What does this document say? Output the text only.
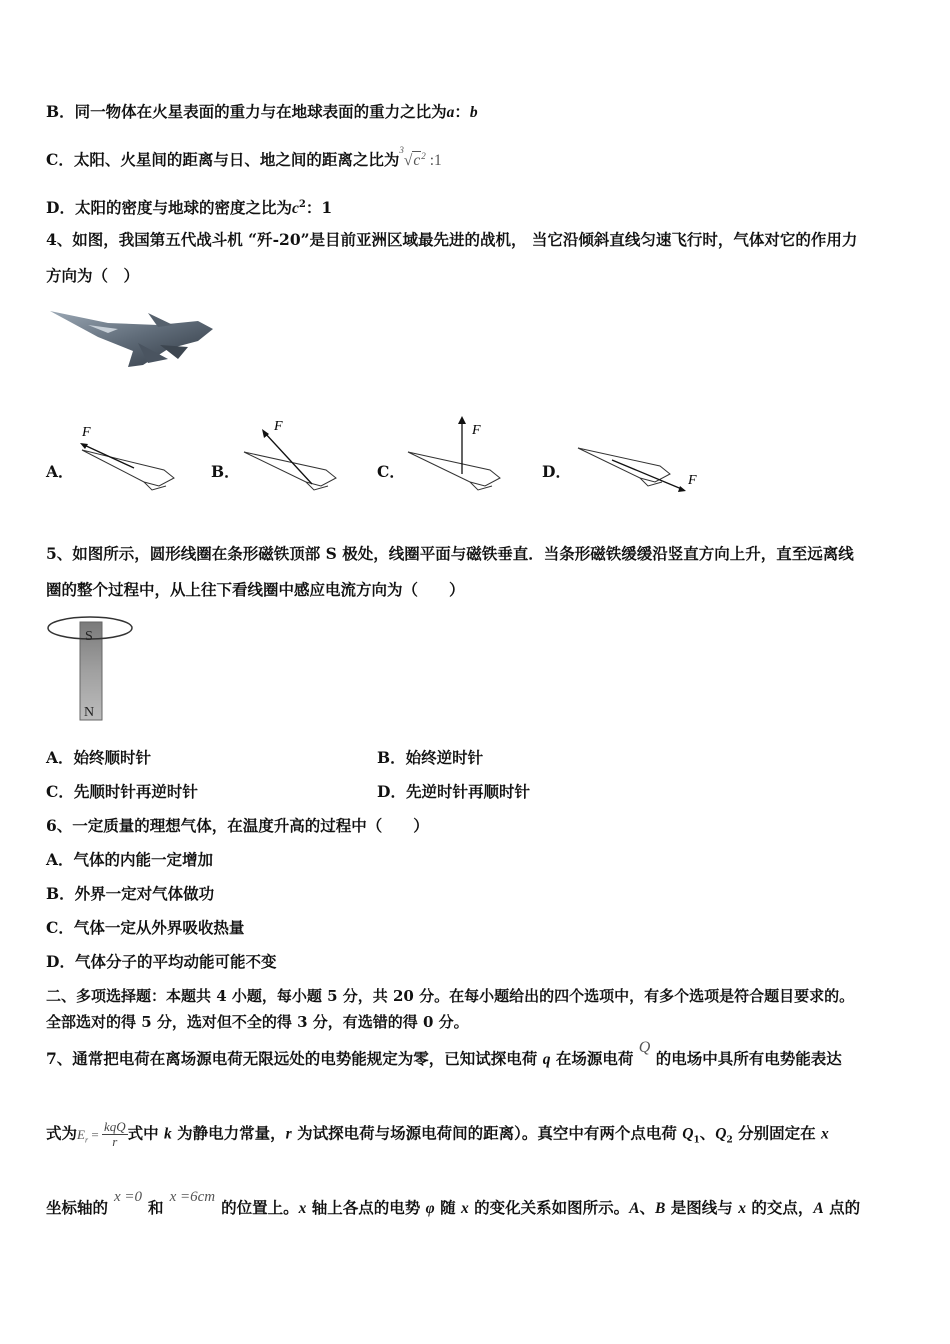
B．同一物体在火星表面的重力与在地球表面的重力之比为a：b
C．太阳、火星间的距离与日、地之间的距离之比为$^3√c^2$ :1
D．太阳的密度与地球的密度之比为$c^2$：1
4、如图，我国第五代战斗机 “歼-20”是目前亚洲区域最先进的战机， 当它沿倾斜直线匀速飞行时，气体对它的作用力
方向为（　）
A．
F
B．
F
C．
F
D．	F
5、如图所示，圆形线圈在条形磁铁顶部 S 极处，线圈平面与磁铁垂直．当条形磁铁缓缓沿竖直方向上升，直至远离线
圈的整个过程中，从上往下看线圈中感应电流方向为（　　）
S
N
A．始终顺时针	B．始终逆时针
C．先顺时针再逆时针	D．先逆时针再顺时针
6、一定质量的理想气体，在温度升高的过程中（　　）
A．气体的内能一定增加
B．外界一定对气体做功
C．气体一定从外界吸收热量
D．气体分子的平均动能可能不变
二、多项选择题：本题共 4 小题，每小题 5 分，共 20 分。在每小题给出的四个选项中，有多个选项是符合题目要求的。
全部选对的得 5 分，选对但不全的得 3 分，有选错的得 0 分。
7、通常把电荷在离场源电荷无限远处的电势能规定为零，已知试探电荷 q 在场源电荷 Q 的电场中具所有电势能表达
式为$E_r = \frac{\text{kqQ}}{r}$ 式中 k 为静电力常量，r 为试探电荷与场源电荷间的距离）。真空中有两个点电荷 $Q_1$、$Q_2$ 分别固定在 x
坐标轴的x =0和x =6cm的位置上。x 轴上各点的电势 φ 随 x 的变化关系如图所示。A、B 是图线与 x 的交点，A 点的
